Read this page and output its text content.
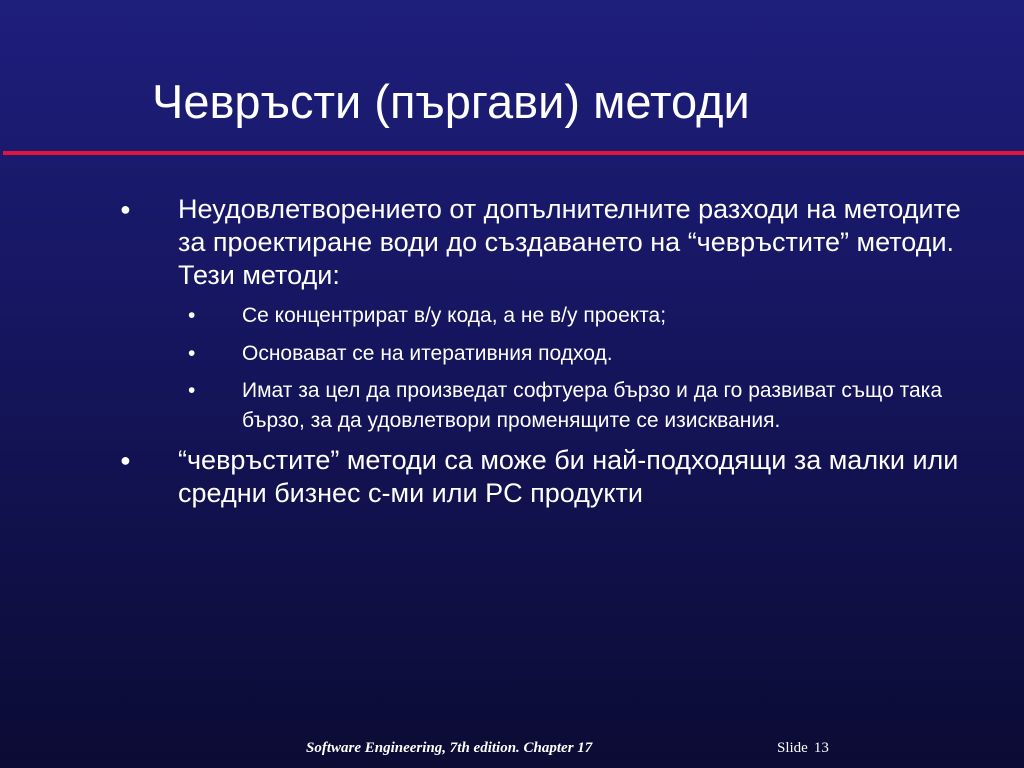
Чевръсти (пъргави) методи
● Неудовлетворението от допълнителните разходи на методите за проектиране води до създаването на “чевръстите” методи. Тези методи:
• Се концентрират в/у кода, а не в/у проекта;
• Основават се на итеративния подход.
• Имат за цел да произведат софтуера бързо и да го развиват също така бързо, за да удовлетвори променящите се изисквания.
● “чевръстите” методи са може би най-подходящи за малки или средни бизнес с-ми или PC продукти
Software Engineering, 7th edition. Chapter 17	Slide 13
